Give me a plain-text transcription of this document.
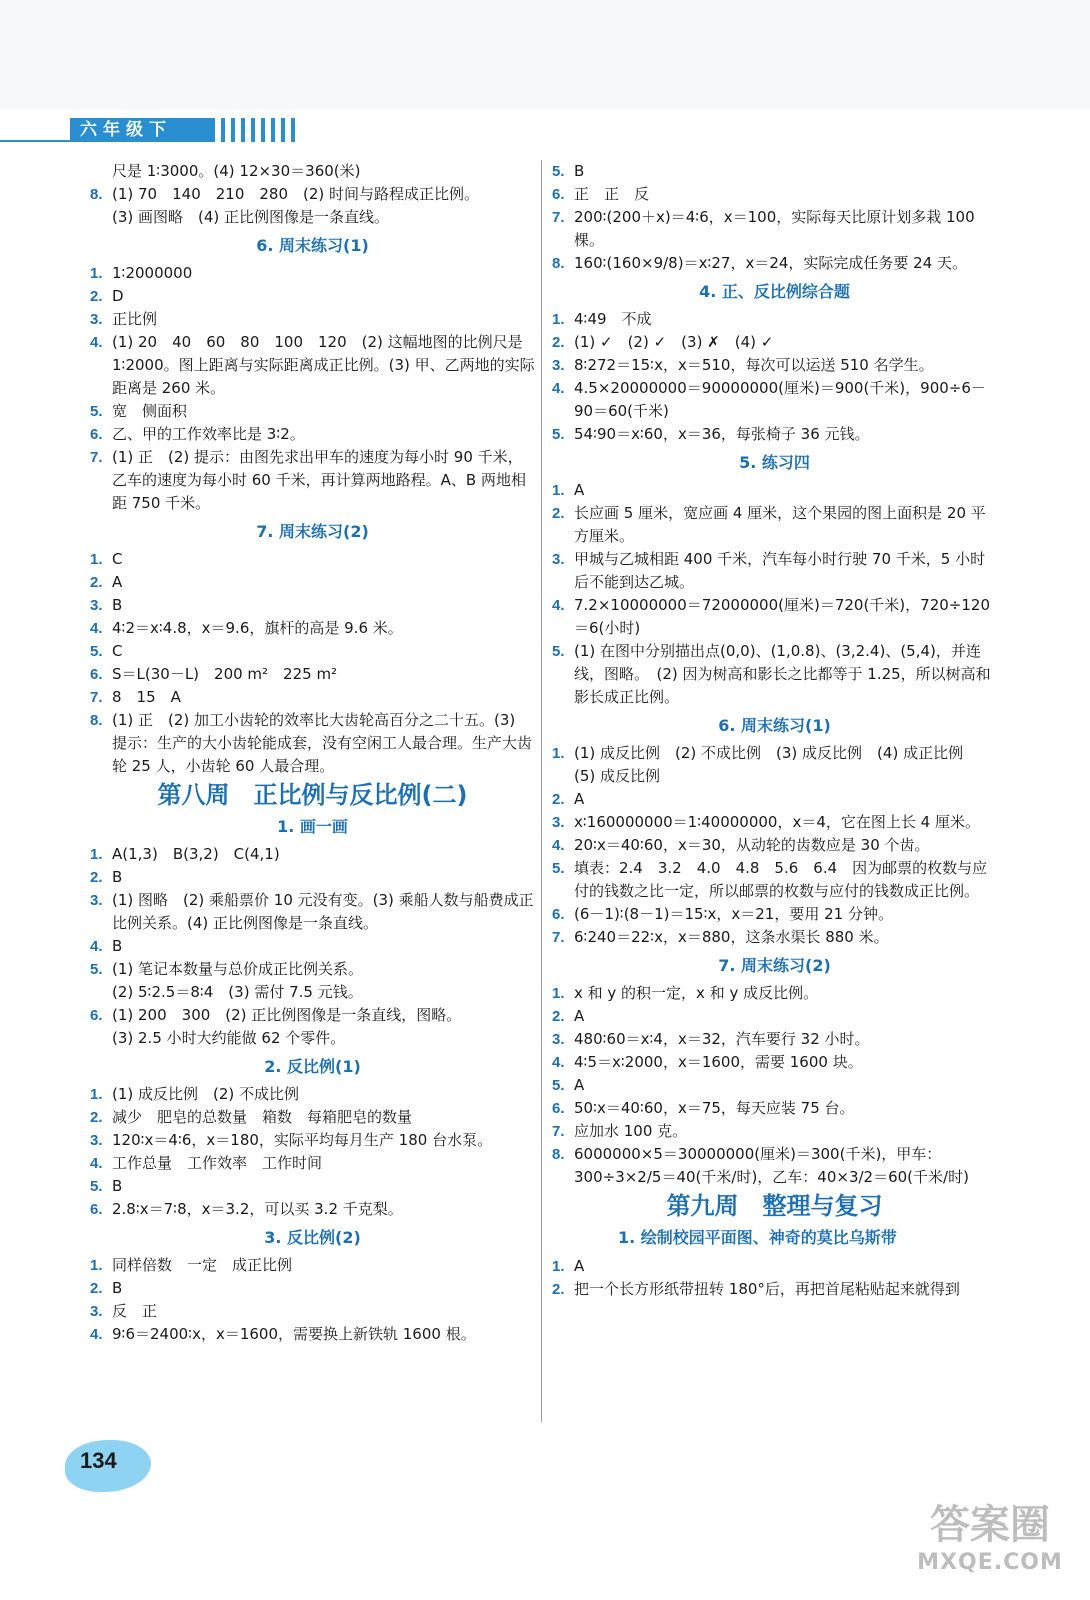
六年级下
尺是 1∶3000。(4) 12×30＝360(米)
8. (1) 70　140　210　280　(2) 时间与路程成正比例。
(3) 画图略　(4) 正比例图像是一条直线。
6. 周末练习(1)
1. 1∶2000000
2. D
3. 正比例
4. (1) 20　40　60　80　100　120　(2) 这幅地图的比例尺是 1∶2000。图上距离与实际距离成正比例。(3) 甲、乙两地的实际距离是 260 米。
5. 宽　侧面积
6. 乙、甲的工作效率比是 3∶2。
7. (1) 正　(2) 提示：由图先求出甲车的速度为每小时 90 千米，乙车的速度为每小时 60 千米，再计算两地路程。A、B 两地相距 750 千米。
7. 周末练习(2)
1. C
2. A
3. B
4. 4∶2＝x∶4.8，x＝9.6，旗杆的高是 9.6 米。
5. C
6. S＝L(30－L)　200 m²　225 m²
7. 8　15　A
8. (1) 正　(2) 加工小齿轮的效率比大齿轮高百分之二十五。(3) 提示：生产的大小齿轮能成套，没有空闲工人最合理。生产大齿轮 25 人，小齿轮 60 人最合理。
第八周　正比例与反比例(二)
1. 画一画
1. A(1,3)　B(3,2)　C(4,1)
2. B
3. (1) 图略　(2) 乘船票价 10 元没有变。(3) 乘船人数与船费成正比例关系。(4) 正比例图像是一条直线。
4. B
5. (1) 笔记本数量与总价成正比例关系。
(2) 5∶2.5＝8∶4　(3) 需付 7.5 元钱。
6. (1) 200　300　(2) 正比例图像是一条直线，图略。
(3) 2.5 小时大约能做 62 个零件。
2. 反比例(1)
1. (1) 成反比例　(2) 不成比例
2. 减少　肥皂的总数量　箱数　每箱肥皂的数量
3. 120∶x＝4∶6，x＝180，实际平均每月生产 180 台水泵。
4. 工作总量　工作效率　工作时间
5. B
6. 2.8∶x＝7∶8，x＝3.2，可以买 3.2 千克梨。
3. 反比例(2)
1. 同样倍数　一定　成正比例
2. B
3. 反　正
4. 9∶6＝2400∶x，x＝1600，需要换上新铁轨 1600 根。
5. B
6. 正　正　反
7. 200∶(200＋x)＝4∶6，x＝100，实际每天比原计划多栽 100 棵。
8. 160∶(160×9/8)＝x∶27，x＝24，实际完成任务要 24 天。
4. 正、反比例综合题
1. 4∶49　不成
2. (1) ✓　(2) ✓　(3) ✗　(4) ✓
3. 8∶272＝15∶x，x＝510，每次可以运送 510 名学生。
4. 4.5×20000000＝90000000(厘米)＝900(千米)，900÷6－90＝60(千米)
5. 54∶90＝x∶60，x＝36，每张椅子 36 元钱。
5. 练习四
1. A
2. 长应画 5 厘米，宽应画 4 厘米，这个果园的图上面积是 20 平方厘米。
3. 甲城与乙城相距 400 千米，汽车每小时行驶 70 千米，5 小时后不能到达乙城。
4. 7.2×10000000＝72000000(厘米)＝720(千米)，720÷120＝6(小时)
5. (1) 在图中分别描出点(0,0)、(1,0.8)、(3,2.4)、(5,4)，并连线，图略。　(2) 因为树高和影长之比都等于 1.25，所以树高和影长成正比例。
6. 周末练习(1)
1. (1) 成反比例　(2) 不成比例　(3) 成反比例　(4) 成正比例　(5) 成反比例
2. A
3. x∶160000000＝1∶40000000，x＝4，它在图上长 4 厘米。
4. 20∶x＝40∶60，x＝30，从动轮的齿数应是 30 个齿。
5. 填表：2.4　3.2　4.0　4.8　5.6　6.4　因为邮票的枚数与应付的钱数之比一定，所以邮票的枚数与应付的钱数成正比例。
6. (6－1)∶(8－1)＝15∶x，x＝21，要用 21 分钟。
7. 6∶240＝22∶x，x＝880，这条水渠长 880 米。
7. 周末练习(2)
1. x 和 y 的积一定，x 和 y 成反比例。
2. A
3. 480∶60＝x∶4，x＝32，汽车要行 32 小时。
4. 4∶5＝x∶2000，x＝1600，需要 1600 块。
5. A
6. 50∶x＝40∶60，x＝75，每天应装 75 台。
7. 应加水 100 克。
8. 6000000×5＝30000000(厘米)＝300(千米)，甲车：300÷3×2/5＝40(千米/时)，乙车：40×3/2＝60(千米/时)
第九周　整理与复习
1. 绘制校园平面图、神奇的莫比乌斯带
1. A
2. 把一个长方形纸带扭转 180°后，再把首尾粘贴起来就得到
134
答案圈
MXQE.COM
